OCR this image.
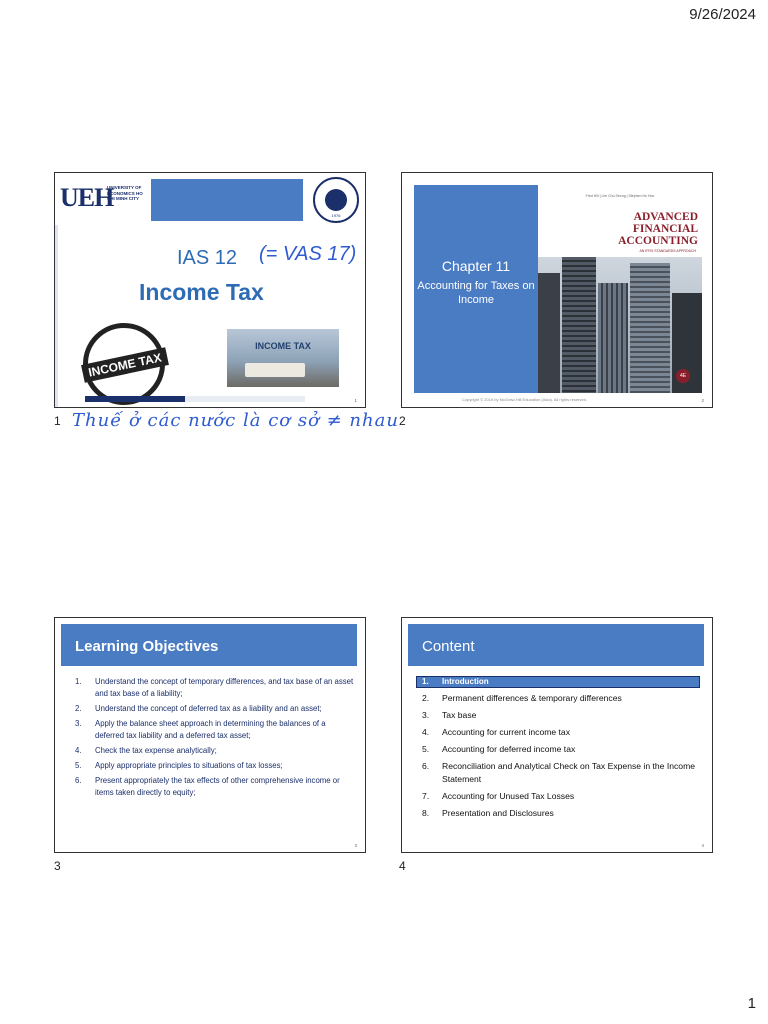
9/26/2024
UEH
UNIVERSITY OF ECONOMICS HO CHI MINH CITY
1976
IAS 12 (= VAS 17)
Income Tax
INCOME TAX
INCOME TAX
1
1 Thuế ở các nước là cơ sở ≠ nhau
Chapter 11
Accounting for Taxes on Income
Fred Hill | Lim Chu Seong | Stephen Ho Hoo
ADVANCED
FINANCIAL
ACCOUNTING
AN IFRS STANDARDS APPROACH
4E
Copyright © 2019 by McGraw-Hill Education (Asia). All rights reserved.	2
2
Learning Objectives
1. Understand the concept of temporary differences, and tax base of an asset and tax base of a liability;
2. Understand the concept of deferred tax as a liability and an asset;
3. Apply the balance sheet approach in determining the balances of a deferred tax liability and a deferred tax asset;
4. Check the tax expense analytically;
5. Apply appropriate principles to situations of tax losses;
6. Present appropriately the tax effects of other comprehensive income or items taken directly to equity;
3
3
Content
1. Introduction
2. Permanent differences & temporary differences
3. Tax base
4. Accounting for current income tax
5. Accounting for deferred income tax
6. Reconciliation and Analytical Check on Tax Expense in the Income Statement
7. Accounting for Unused Tax Losses
8. Presentation and Disclosures
4
4
1
